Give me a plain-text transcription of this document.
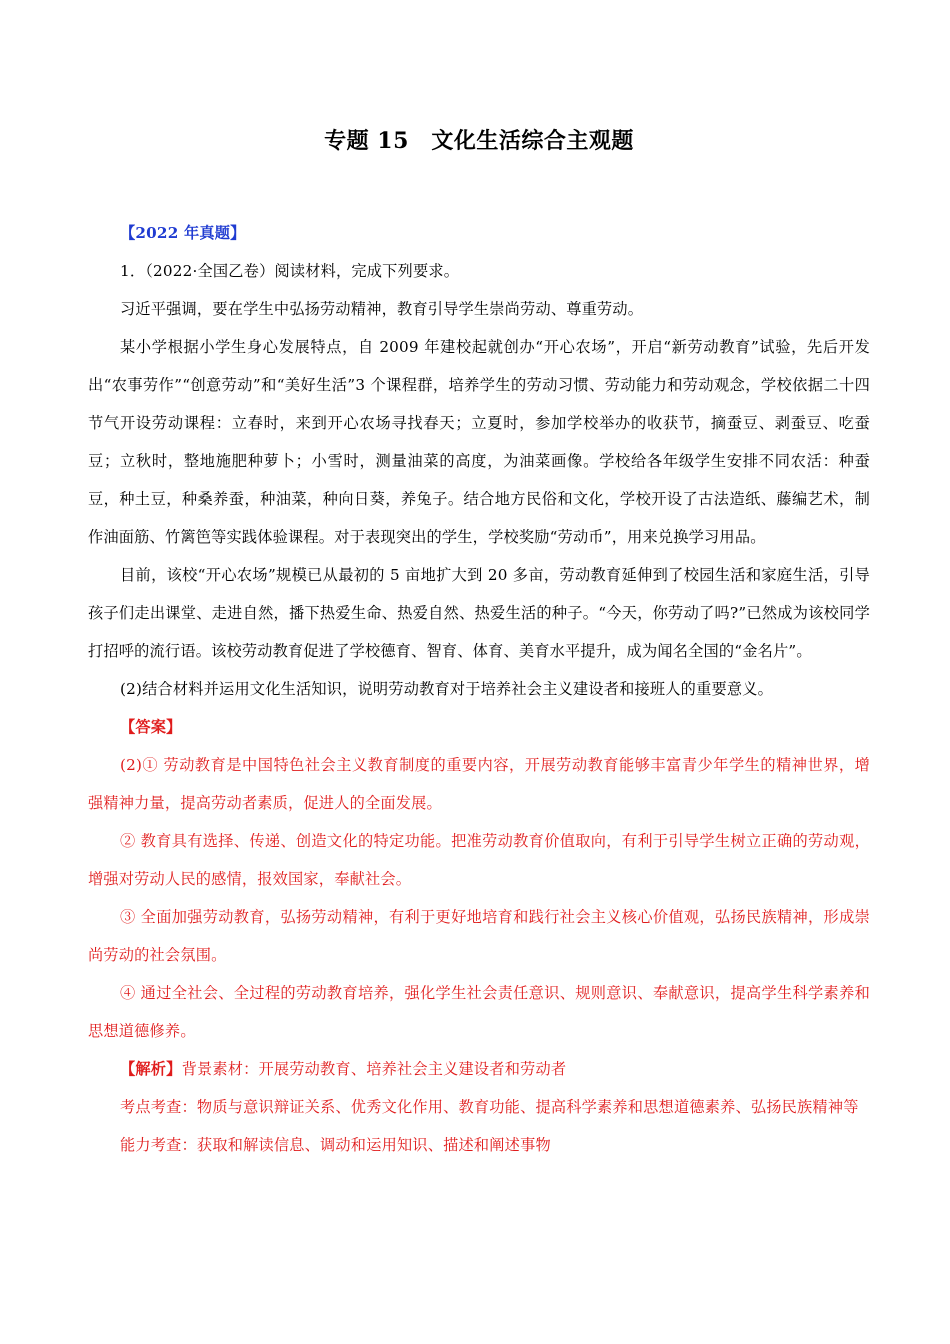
专题 15　文化生活综合主观题

【2022 年真题】

1．（2022·全国乙卷）阅读材料，完成下列要求。

习近平强调，要在学生中弘扬劳动精神，教育引导学生崇尚劳动、尊重劳动。

某小学根据小学生身心发展特点，自 2009 年建校起就创办“开心农场”，开启“新劳动教育”试验，先后开发出“农事劳作”“创意劳动”和“美好生活”3 个课程群，培养学生的劳动习惯、劳动能力和劳动观念，学校依据二十四节气开设劳动课程：立春时，来到开心农场寻找春天；立夏时，参加学校举办的收获节，摘蚕豆、剥蚕豆、吃蚕豆；立秋时，整地施肥种萝卜；小雪时，测量油菜的高度，为油菜画像。学校给各年级学生安排不同农活：种蚕豆，种土豆，种桑养蚕，种油菜，种向日葵，养兔子。结合地方民俗和文化，学校开设了古法造纸、藤编艺术，制作油面筋、竹篱笆等实践体验课程。对于表现突出的学生，学校奖励“劳动币”，用来兑换学习用品。

目前，该校“开心农场”规模已从最初的 5 亩地扩大到 20 多亩，劳动教育延伸到了校园生活和家庭生活，引导孩子们走出课堂、走进自然，播下热爱生命、热爱自然、热爱生活的种子。“今天，你劳动了吗?”已然成为该校同学打招呼的流行语。该校劳动教育促进了学校德育、智育、体育、美育水平提升，成为闻名全国的“金名片”。

(2)结合材料并运用文化生活知识，说明劳动教育对于培养社会主义建设者和接班人的重要意义。

【答案】

(2)① 劳动教育是中国特色社会主义教育制度的重要内容，开展劳动教育能够丰富青少年学生的精神世界，增强精神力量，提高劳动者素质，促进人的全面发展。

② 教育具有选择、传递、创造文化的特定功能。把准劳动教育价值取向，有利于引导学生树立正确的劳动观，增强对劳动人民的感情，报效国家，奉献社会。

③ 全面加强劳动教育，弘扬劳动精神，有利于更好地培育和践行社会主义核心价值观，弘扬民族精神，形成崇尚劳动的社会氛围。

④ 通过全社会、全过程的劳动教育培养，强化学生社会责任意识、规则意识、奉献意识，提高学生科学素养和思想道德修养。

【解析】背景素材：开展劳动教育、培养社会主义建设者和劳动者

考点考查：物质与意识辩证关系、优秀文化作用、教育功能、提高科学素养和思想道德素养、弘扬民族精神等

能力考查：获取和解读信息、调动和运用知识、描述和阐述事物
